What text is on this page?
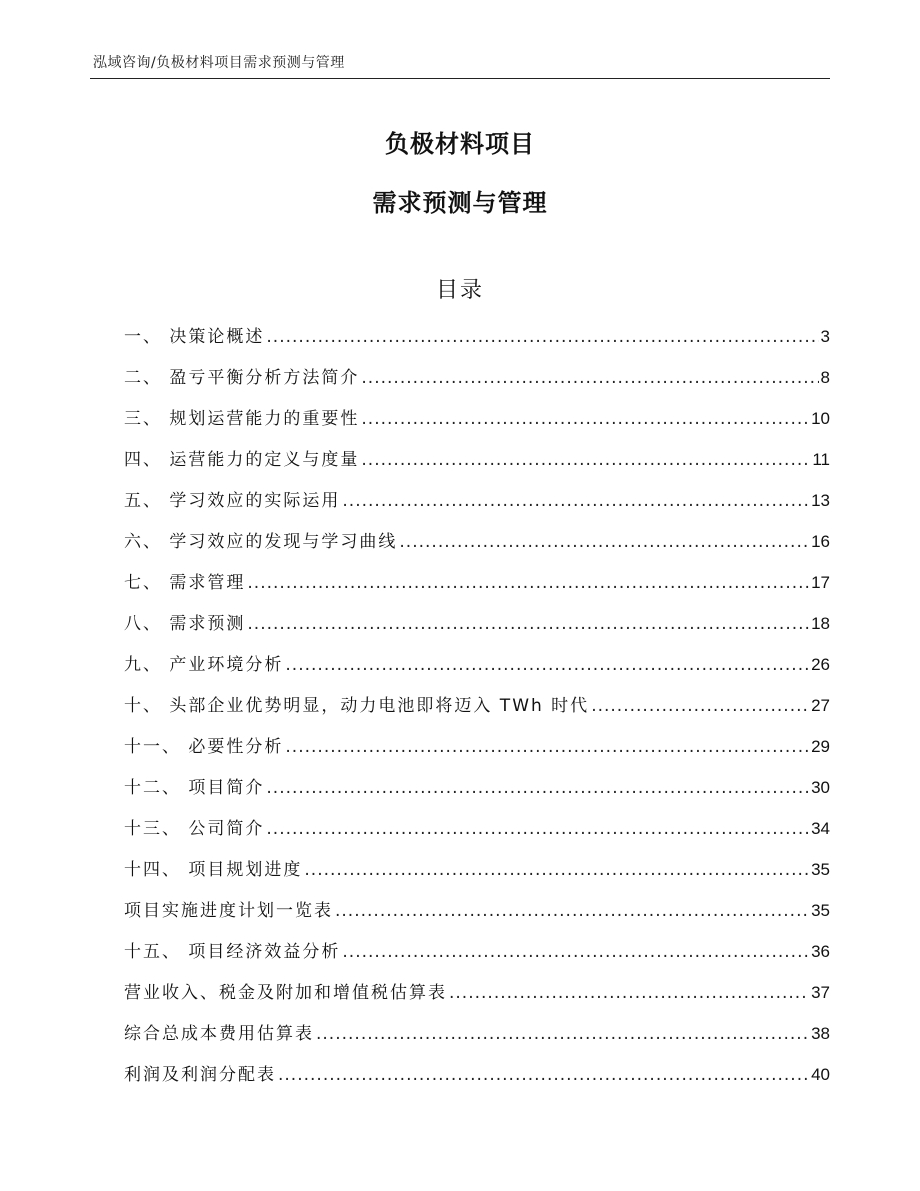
泓域咨询/负极材料项目需求预测与管理
负极材料项目
需求预测与管理
目录
一、 决策论概述 .....	3
二、 盈亏平衡分析方法简介 .....	8
三、 规划运营能力的重要性 .....	10
四、 运营能力的定义与度量 .....	11
五、 学习效应的实际运用 .....	13
六、 学习效应的发现与学习曲线 .....	16
七、 需求管理 .....	17
八、 需求预测 .....	18
九、 产业环境分析 .....	26
十、 头部企业优势明显，动力电池即将迈入 TWh 时代 .....	27
十一、 必要性分析 .....	29
十二、 项目简介 .....	30
十三、 公司简介 .....	34
十四、 项目规划进度 .....	35
项目实施进度计划一览表 .....	35
十五、 项目经济效益分析 .....	36
营业收入、税金及附加和增值税估算表 .....	37
综合总成本费用估算表 .....	38
利润及利润分配表 .....	40
